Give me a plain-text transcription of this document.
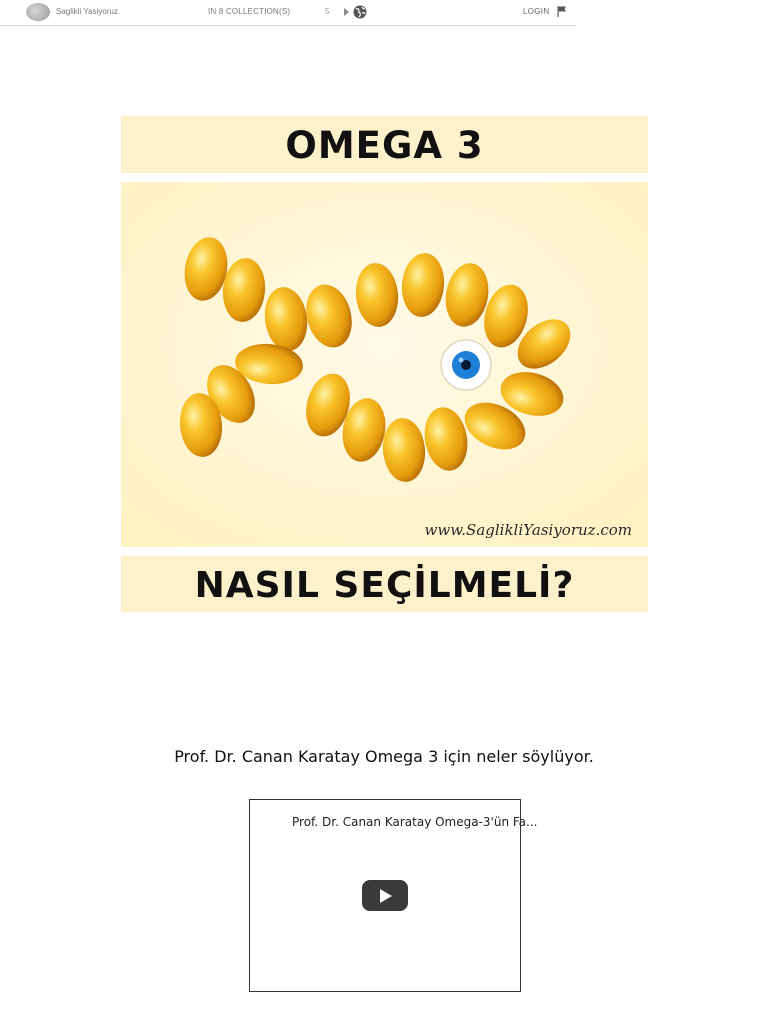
Saglikli Yasiyoruz	IN 8 COLLECTION(S)	5	LOGIN
OMEGA 3
www.SaglikliYasiyoruz.com
NASIL SEÇİLMELİ?
Prof. Dr. Canan Karatay Omega 3 için neler söylüyor.
Prof. Dr. Canan Karatay Omega-3'ün Fa...
